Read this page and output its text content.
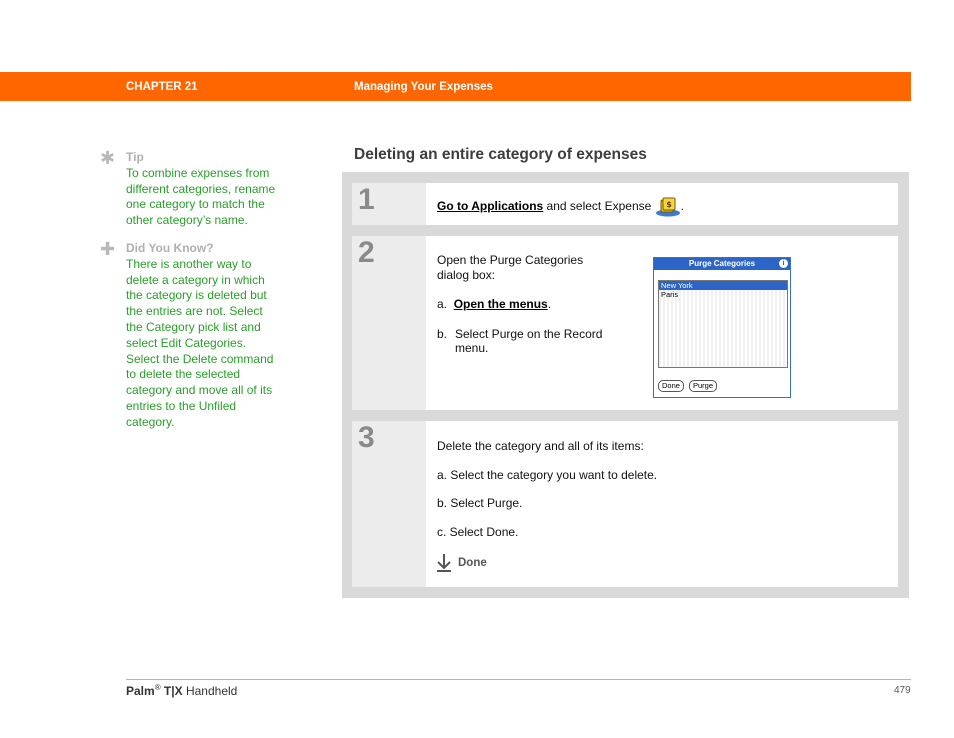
CHAPTER 21	Managing Your Expenses
✱ Tip
To combine expenses from different categories, rename one category to match the other category’s name.
✚ Did You Know?
There is another way to delete a category in which the category is deleted but the entries are not. Select the Category pick list and select Edit Categories. Select the Delete command to delete the selected category and move all of its entries to the Unfiled category.
Deleting an entire category of expenses
1	Go to Applications and select Expense $ .
2	Open the Purge Categories dialog box:

a. Open the menus.

b. Select Purge on the Record menu.

Purge Categories	i
New York
Paris
Done	Purge
3	Delete the category and all of its items:

a. Select the category you want to delete.

b. Select Purge.

c. Select Done.

Done
Palm® T|X Handheld	479
